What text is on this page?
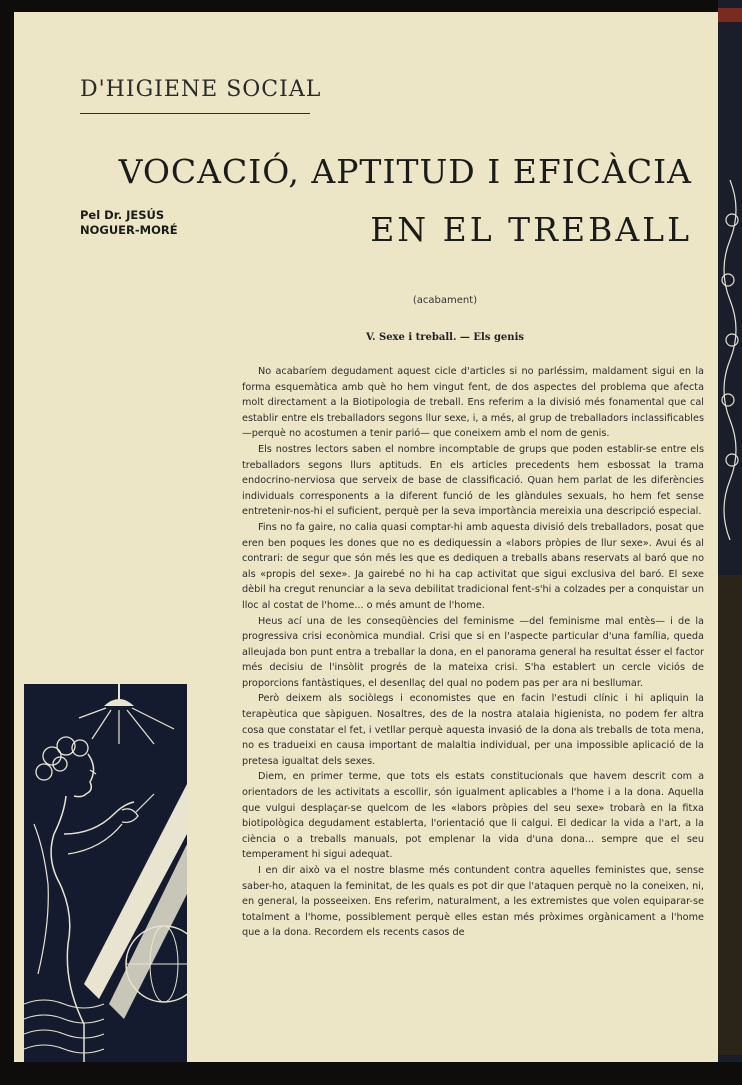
D'HIGIENE SOCIAL
VOCACIÓ, APTITUD I EFICÀCIA
EN EL TREBALL
Pel Dr. JESÚS
NOGUER-MORÉ
(acabament)
V. Sexe i treball. — Els genis

No acabaríem degudament aquest cicle d'articles si no parléssim, maldament sigui en la forma esquemàtica amb què ho hem vingut fent, de dos aspectes del problema que afecta molt directament a la Biotipologia de treball. Ens referim a la divisió més fonamental que cal establir entre els treballadors segons llur sexe, i, a més, al grup de treballadors inclassificables —perquè no acostumen a tenir parió— que coneixem amb el nom de genis.

Els nostres lectors saben el nombre incomptable de grups que poden establir-se entre els treballadors segons llurs aptituds. En els articles precedents hem esbossat la trama endocrino-nerviosa que serveix de base de classificació. Quan hem parlat de les diferències individuals corresponents a la diferent funció de les glàndules sexuals, ho hem fet sense entretenir-nos-hi el suficient, perquè per la seva importància mereixia una descripció especial.

Fins no fa gaire, no calia quasi comptar-hi amb aquesta divisió dels treballadors, posat que eren ben poques les dones que no es dediquessin a «labors pròpies de llur sexe». Avui és al contrari: de segur que són més les que es dediquen a treballs abans reservats al baró que no als «propis del sexe». Ja gairebé no hi ha cap activitat que sigui exclusiva del baró. El sexe dèbil ha cregut renunciar a la seva debilitat tradicional fent-s'hi a colzades per a conquistar un lloc al costat de l'home... o més amunt de l'home.

Heus ací una de les conseqüències del feminisme —del feminisme mal entès— i de la progressiva crisi econòmica mundial. Crisi que si en l'aspecte particular d'una família, queda alleujada bon punt entra a treballar la dona, en el panorama general ha resultat ésser el factor més decisiu de l'insòlit progrés de la mateixa crisi. S'ha establert un cercle viciós de proporcions fantàstiques, el desenllaç del qual no podem pas per ara ni besllumar.

Però deixem als sociòlegs i economistes que en facin l'estudi clínic i hi apliquin la terapèutica que sàpiguen. Nosaltres, des de la nostra atalaia higienista, no podem fer altra cosa que constatar el fet, i vetllar perquè aquesta invasió de la dona als treballs de tota mena, no es tradueixi en causa important de malaltia individual, per una impossible aplicació de la pretesa igualtat dels sexes.

Diem, en primer terme, que tots els estats constitucionals que havem descrit com a orientadors de les activitats a escollir, són igualment aplicables a l'home i a la dona. Aquella que vulgui desplaçar-se quelcom de les «labors pròpies del seu sexe» trobarà en la fitxa biotipològica degudament establerta, l'orientació que li calgui. El dedicar la vida a l'art, a la ciència o a treballs manuals, pot emplenar la vida d'una dona... sempre que el seu temperament hi sigui adequat.

I en dir això va el nostre blasme més contundent contra aquelles feministes que, sense saber-ho, ataquen la feminitat, de les quals es pot dir que l'ataquen perquè no la coneixen, ni, en general, la posseeixen. Ens referim, naturalment, a les extremistes que volen equiparar-se totalment a l'home, possiblement perquè elles estan més pròximes orgànicament a l'home que a la dona. Recordem els recents casos de
